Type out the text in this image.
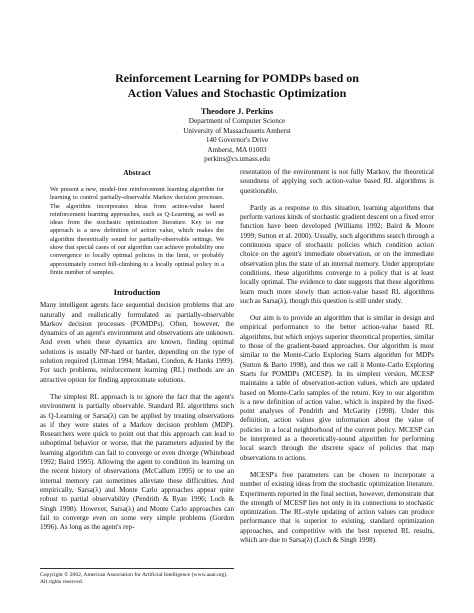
Reinforcement Learning for POMDPs based on
Action Values and Stochastic Optimization
Theodore J. Perkins
Department of Computer Science
University of Massachusetts Amherst
140 Governor's Drive
Amherst, MA 01003
perkins@cs.umass.edu
Abstract
We present a new, model-free reinforcement learning algorithm for learning to control partially-observable Markov decision processes. The algorithm incorporates ideas from action-value based reinforcement learning approaches, such as Q-Learning, as well as ideas from the stochastic optimization literature. Key to our approach is a new definition of action value, which makes the algorithm theoretically sound for partially-observable settings. We show that special cases of our algorithm can achieve probability one convergence to locally optimal policies in the limit, or probably approximately correct hill-climbing to a locally optimal policy in a finite number of samples.
Introduction

Many intelligent agents face sequential decision problems that are naturally and realistically formulated as partially-observable Markov decision processes (POMDPs). Often, however, the dynamics of an agent's environment and observations are unknown. And even when these dynamics are known, finding optimal solutions is usually NP-hard or harder, depending on the type of solution required (Littman 1994; Madani, Condon, & Hanks 1999). For such problems, reinforcement learning (RL) methods are an attractive option for finding approximate solutions.

The simplest RL approach is to ignore the fact that the agent's environment is partially observable. Standard RL algorithms such as Q-Learning or Sarsa(λ) can be applied by treating observations as if they were states of a Markov decision problem (MDP). Researchers were quick to point out that this approach can lead to suboptimal behavior or worse, that the parameters adjusted by the learning algorithm can fail to converge or even diverge (Whitehead 1992; Baird 1995). Allowing the agent to condition its learning on the recent history of observations (McCallum 1995) or to use an internal memory can sometimes alleviate these difficulties. And empirically, Sarsa(λ) and Monte Carlo approaches appear quite robust to partial observability (Pendrith & Ryan 1996; Loch & Singh 1998). However, Sarsa(λ) and Monte Carlo approaches can fail to converge even on some very simple problems (Gordon 1996). As long as the agent's rep-

resentation of the environment is not fully Markov, the theoretical soundness of applying such action-value based RL algorithms is questionable.

Partly as a response to this situation, learning algorithms that perform various kinds of stochastic gradient descent on a fixed error function have been developed (Williams 1992; Baird & Moore 1999; Sutton et al. 2000). Usually, such algorithms search through a continuous space of stochastic policies which condition action choice on the agent's immediate observation, or on the immediate observation plus the state of an internal memory. Under appropriate conditions, these algorithms converge to a policy that is at least locally optimal. The evidence to date suggests that these algorithms learn much more slowly than action-value based RL algorithms such as Sarsa(λ), though this question is still under study.

Our aim is to provide an algorithm that is similar in design and empirical performance to the better action-value based RL algorithms, but which enjoys superior theoretical properties, similar to those of the gradient-based approaches. Our algorithm is most similar to the Monte-Carlo Exploring Starts algorithm for MDPs (Sutton & Barto 1998), and thus we call it Monte-Carlo Exploring Starts for POMDPs (MCESP). In its simplest version, MCESP maintains a table of observation-action values, which are updated based on Monte-Carlo samples of the return. Key to our algorithm is a new definition of action value, which is inspired by the fixed-point analyses of Pendrith and McGarity (1998). Under this definition, action values give information about the value of policies in a local neighborhood of the current policy. MCESP can be interpreted as a theoretically-sound algorithm for performing local search through the discrete space of policies that map observations to actions.

MCESP's free parameters can be chosen to incorporate a number of existing ideas from the stochastic optimization literature. Experiments reported in the final section, however, demonstrate that the strength of MCESP lies not only in its connections to stochastic optimization. The RL-style updating of action values can produce performance that is superior to existing, standard optimization approaches, and competitive with the best reported RL results, which are due to Sarsa(λ) (Loch & Singh 1998).

Copyright © 2002, American Association for Artificial Intelligence (www.aaai.org). All rights reserved.
